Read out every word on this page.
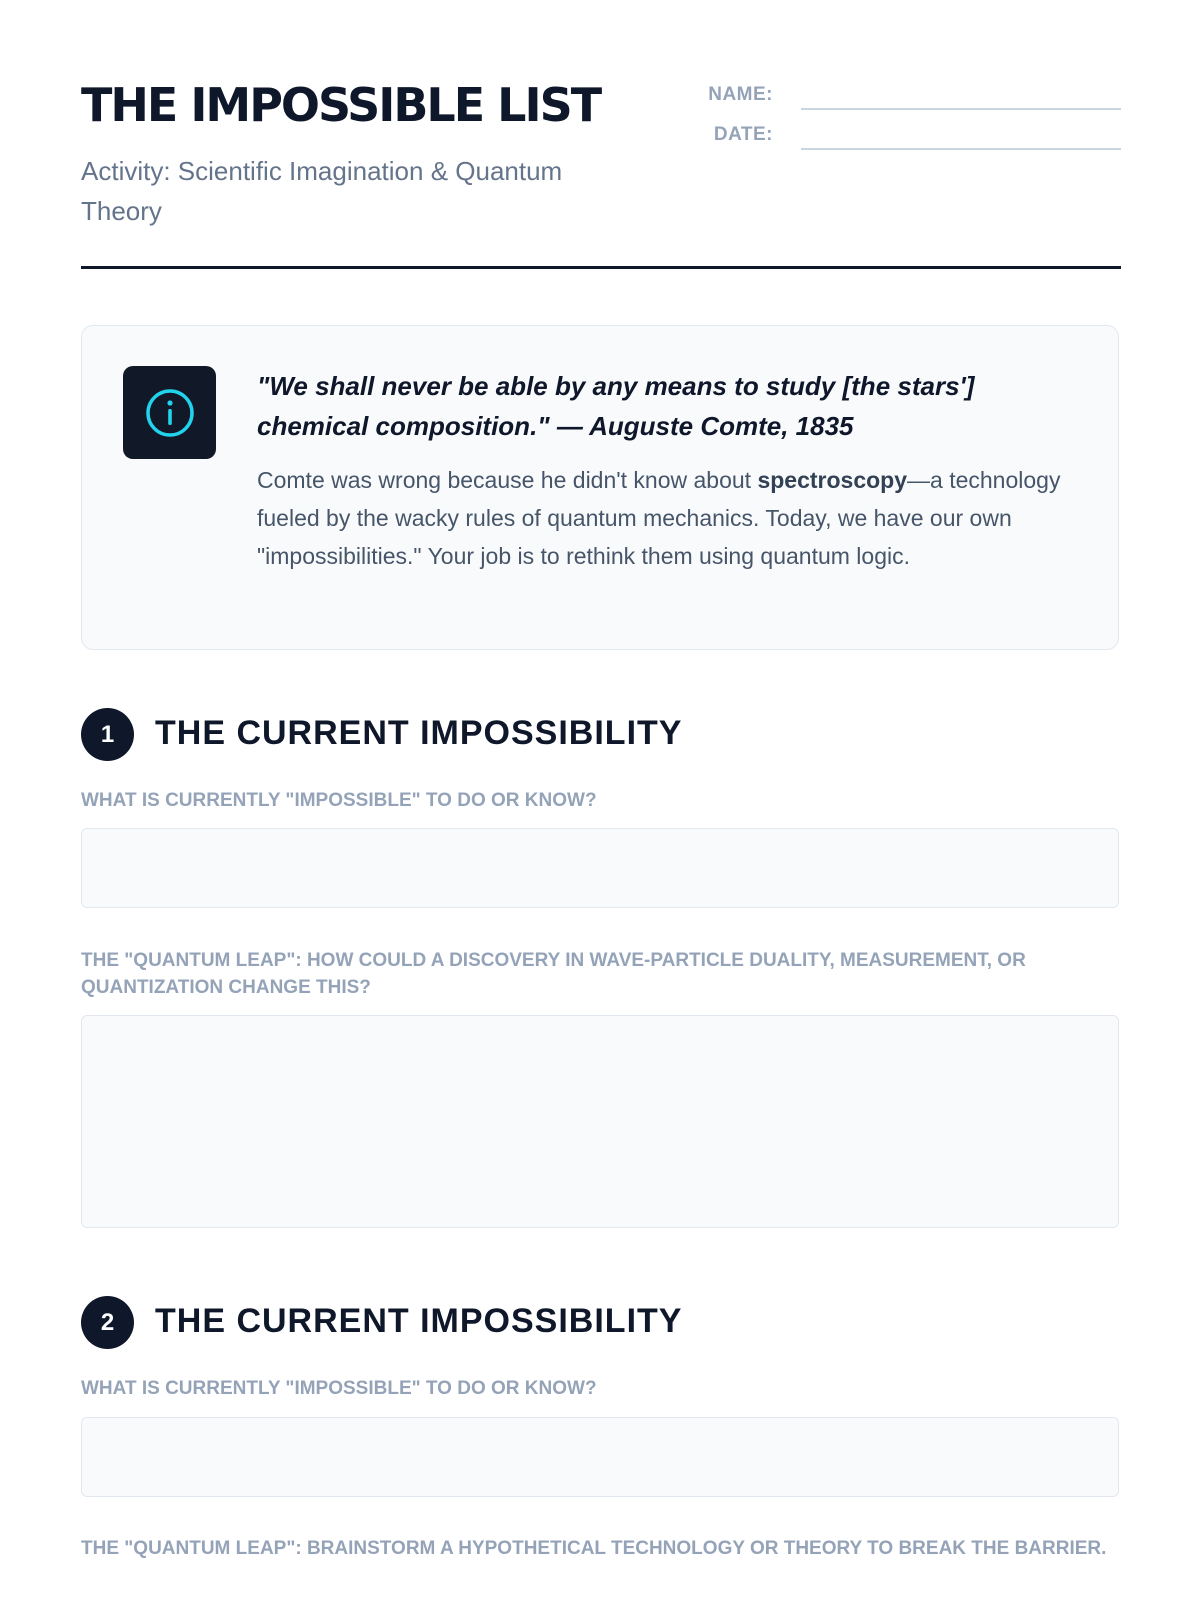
THE IMPOSSIBLE LIST
Activity: Scientific Imagination & Quantum Theory
NAME:
DATE:
"We shall never be able by any means to study [the stars'] chemical composition." — Auguste Comte, 1835
Comte was wrong because he didn't know about spectroscopy—a technology fueled by the wacky rules of quantum mechanics. Today, we have our own "impossibilities." Your job is to rethink them using quantum logic.
1	THE CURRENT IMPOSSIBILITY
WHAT IS CURRENTLY "IMPOSSIBLE" TO DO OR KNOW?
THE "QUANTUM LEAP": HOW COULD A DISCOVERY IN WAVE-PARTICLE DUALITY, MEASUREMENT, OR QUANTIZATION CHANGE THIS?
2	THE CURRENT IMPOSSIBILITY
WHAT IS CURRENTLY "IMPOSSIBLE" TO DO OR KNOW?
THE "QUANTUM LEAP": BRAINSTORM A HYPOTHETICAL TECHNOLOGY OR THEORY TO BREAK THE BARRIER.
